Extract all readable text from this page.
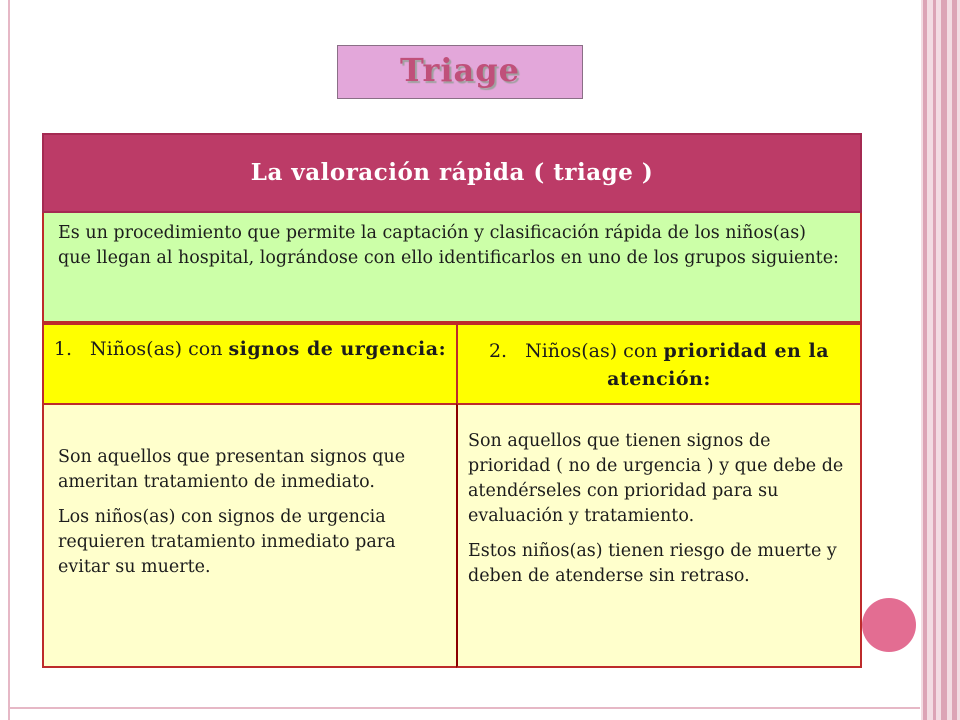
Triage
La valoración rápida ( triage )
Es un procedimiento que permite la captación y clasificación rápida de los niños(as) que llegan al hospital, lográndose con ello identificarlos en uno de los grupos siguiente:
1. Niños(as) con signos de urgencia:	2. Niños(as) con prioridad en la atención:

Son aquellos que presentan signos que ameritan tratamiento de inmediato.

Los niños(as) con signos de urgencia requieren tratamiento inmediato para evitar su muerte.

Son aquellos que tienen signos de prioridad ( no de urgencia ) y que debe de atendérseles con prioridad para su evaluación y tratamiento.

Estos niños(as) tienen riesgo de muerte y deben de atenderse sin retraso.
